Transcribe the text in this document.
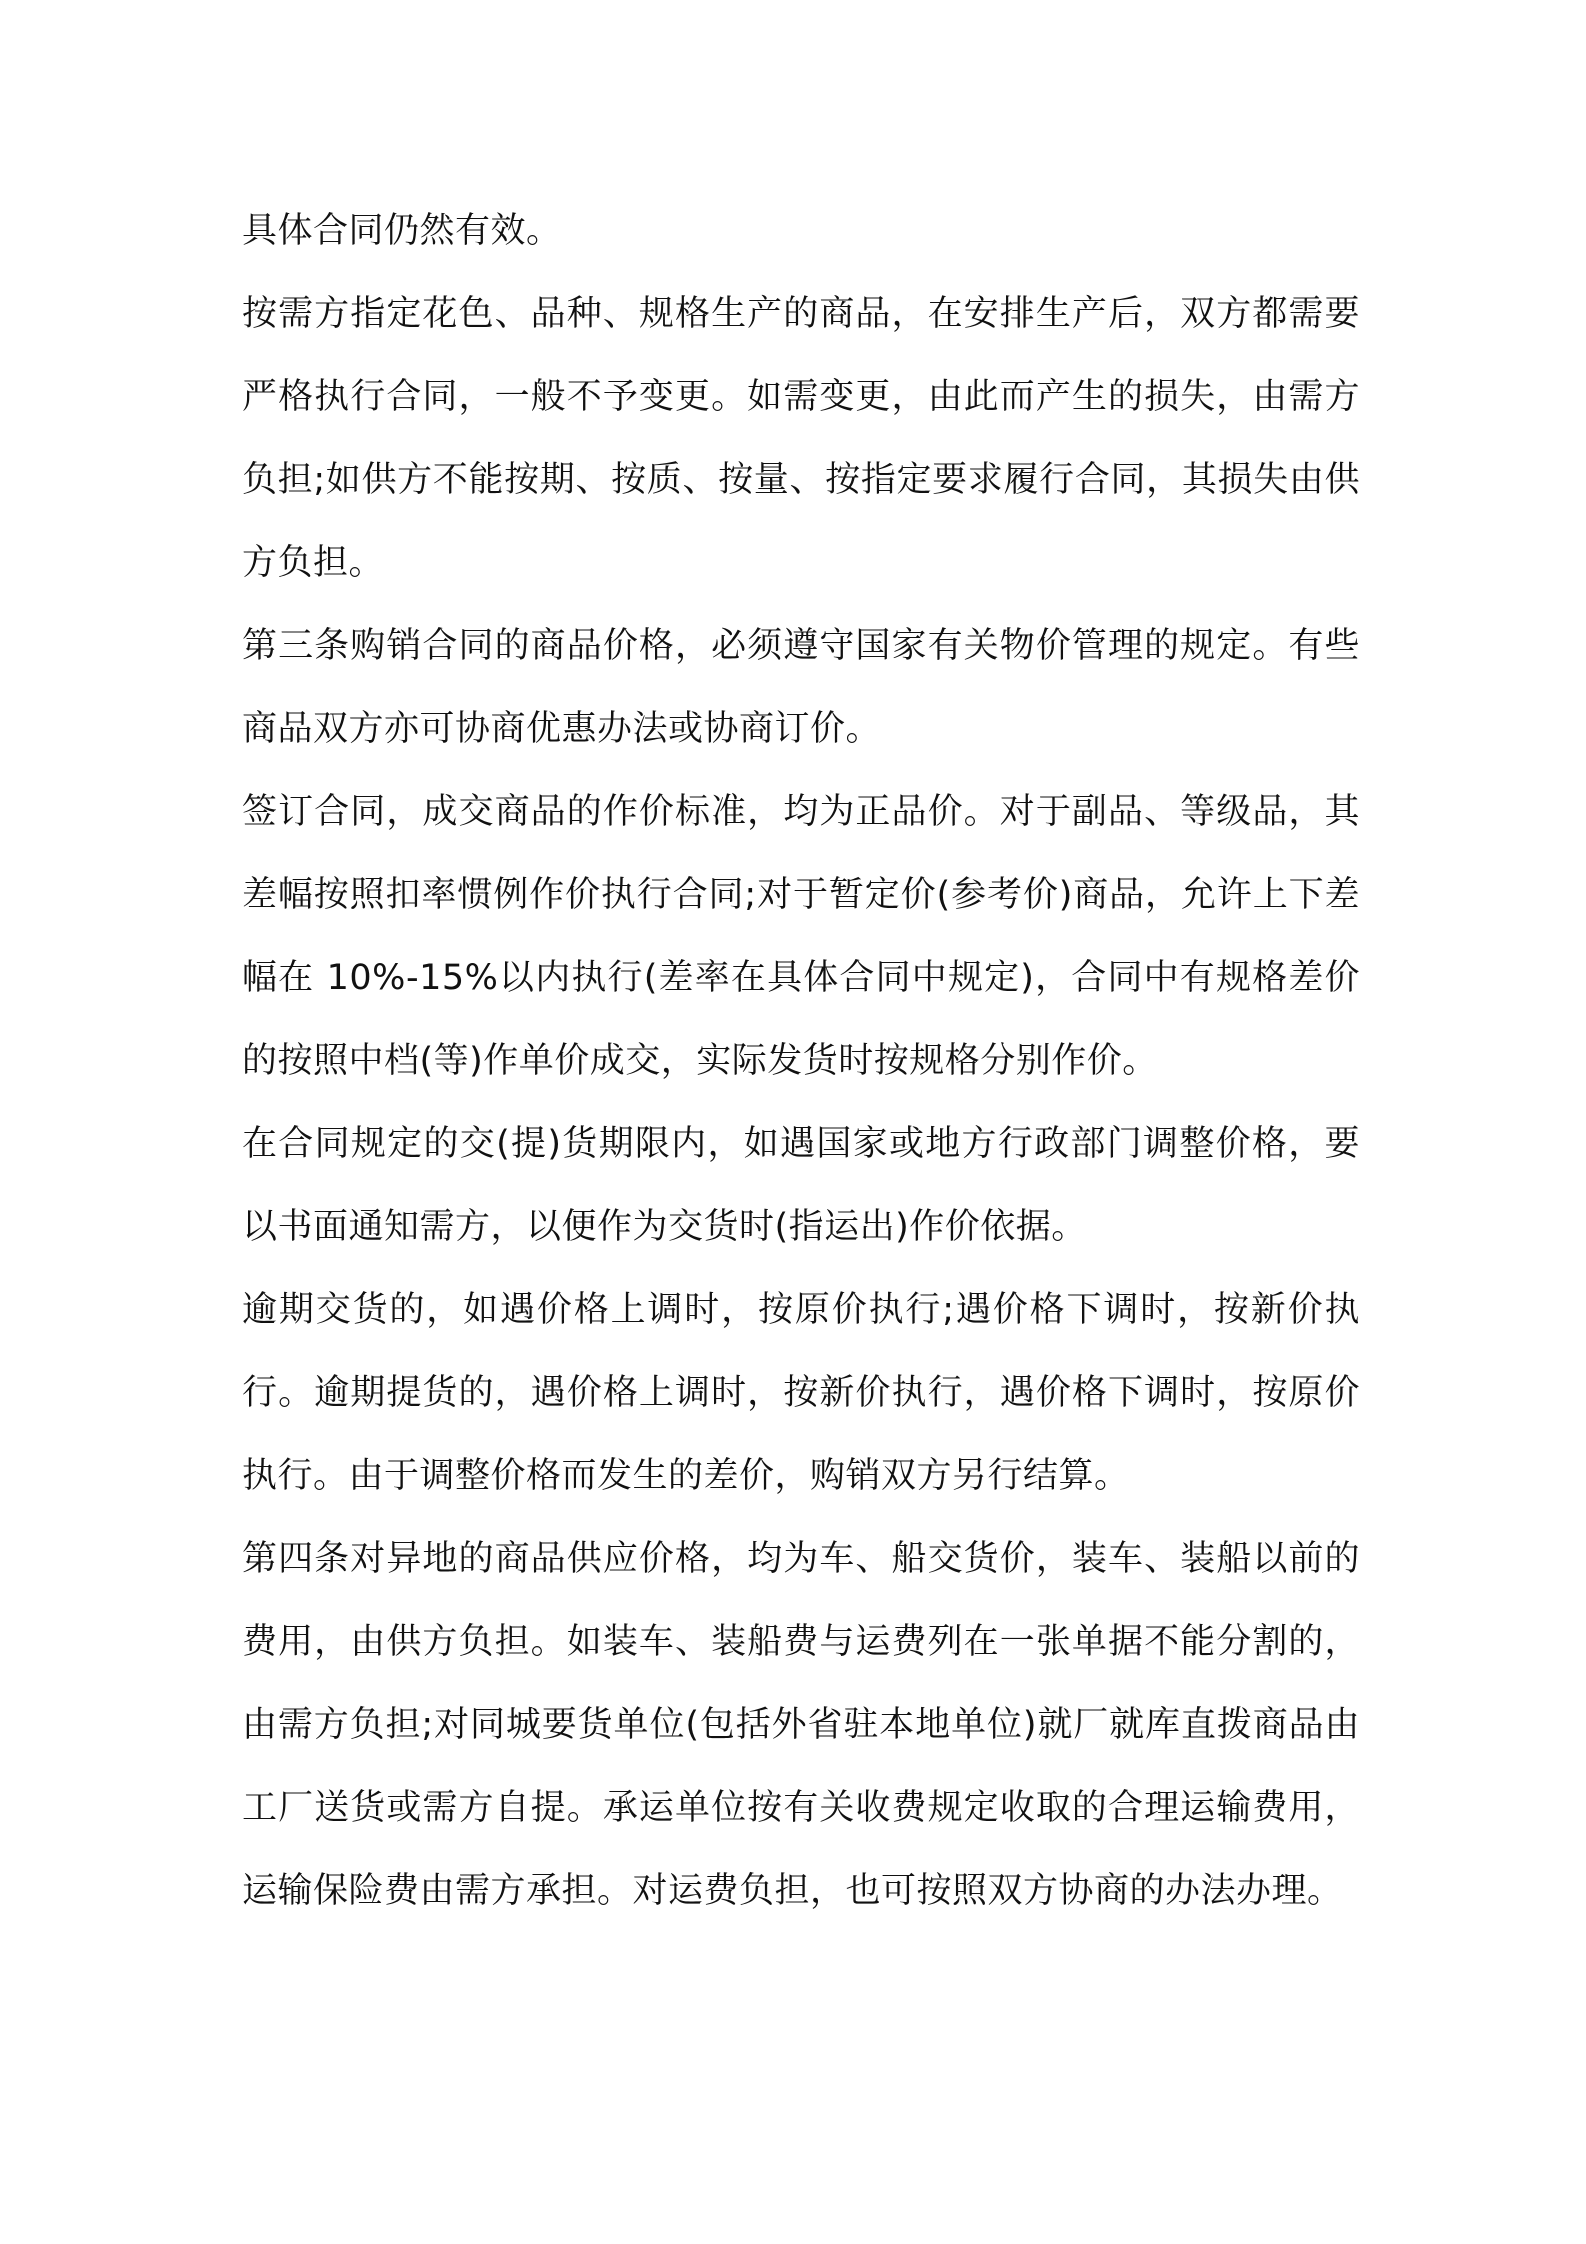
具体合同仍然有效。

按需方指定花色、品种、规格生产的商品，在安排生产后，双方都需要严格执行合同，一般不予变更。如需变更，由此而产生的损失，由需方负担;如供方不能按期、按质、按量、按指定要求履行合同，其损失由供方负担。

第三条购销合同的商品价格，必须遵守国家有关物价管理的规定。有些商品双方亦可协商优惠办法或协商订价。

签订合同，成交商品的作价标准，均为正品价。对于副品、等级品，其差幅按照扣率惯例作价执行合同;对于暂定价(参考价)商品，允许上下差幅在 10%-15%以内执行(差率在具体合同中规定)，合同中有规格差价的按照中档(等)作单价成交，实际发货时按规格分别作价。

在合同规定的交(提)货期限内，如遇国家或地方行政部门调整价格，要以书面通知需方，以便作为交货时(指运出)作价依据。

逾期交货的，如遇价格上调时，按原价执行;遇价格下调时，按新价执行。逾期提货的，遇价格上调时，按新价执行，遇价格下调时，按原价执行。由于调整价格而发生的差价，购销双方另行结算。

第四条对异地的商品供应价格，均为车、船交货价，装车、装船以前的费用，由供方负担。如装车、装船费与运费列在一张单据不能分割的，由需方负担;对同城要货单位(包括外省驻本地单位)就厂就库直拨商品由工厂送货或需方自提。承运单位按有关收费规定收取的合理运输费用，运输保险费由需方承担。对运费负担，也可按照双方协商的办法办理。
